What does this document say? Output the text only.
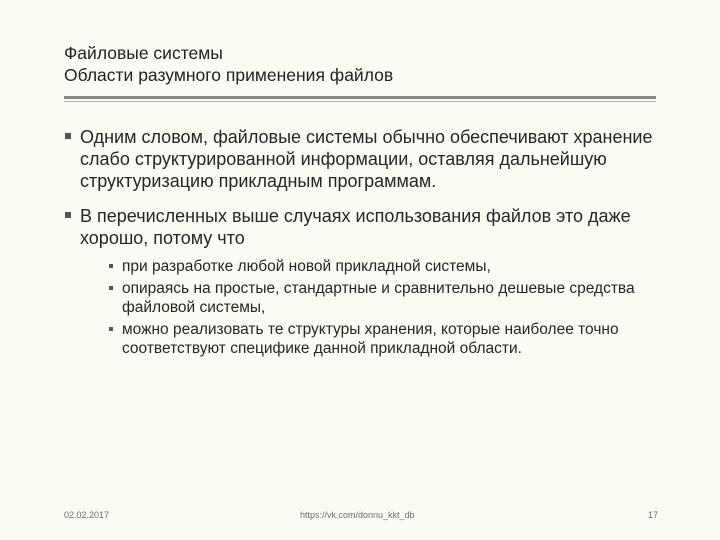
Файловые системы
Области разумного применения файлов
Одним словом, файловые системы обычно обеспечивают хранение слабо структурированной информации, оставляя дальнейшую структуризацию прикладным программам.
В перечисленных выше случаях использования файлов это даже хорошо, потому что
при разработке любой новой прикладной системы,
опираясь на простые, стандартные и сравнительно дешевые средства файловой системы,
можно реализовать те структуры хранения, которые наиболее точно соответствуют специфике данной прикладной области.
02.02.2017	https://vk.com/donnu_kkt_db	17
